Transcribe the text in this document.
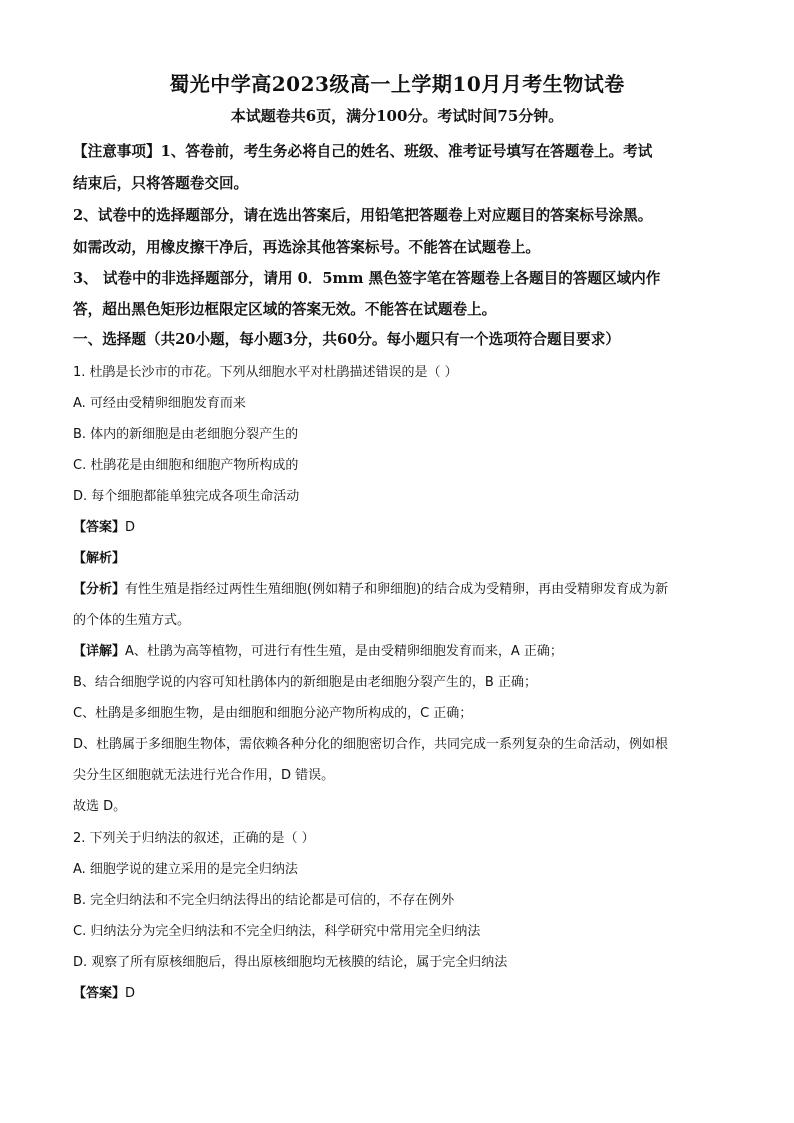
蜀光中学高2023级高一上学期10月月考生物试卷
本试题卷共6页，满分100分。考试时间75分钟。
【注意事项】1、答卷前，考生务必将自己的姓名、班级、准考证号填写在答题卷上。考试
结束后，只将答题卷交回。
2、试卷中的选择题部分，请在选出答案后，用铅笔把答题卷上对应题目的答案标号涂黑。
如需改动，用橡皮擦干净后，再选涂其他答案标号。不能答在试题卷上。
3、 试卷中的非选择题部分，请用 0．5mm 黑色签字笔在答题卷上各题目的答题区域内作
答，超出黑色矩形边框限定区域的答案无效。不能答在试题卷上。
一、选择题（共20小题，每小题3分，共60分。每小题只有一个选项符合题目要求）
1. 杜鹃是长沙市的市花。下列从细胞水平对杜鹃描述错误的是（ ）
A. 可经由受精卵细胞发育而来
B. 体内的新细胞是由老细胞分裂产生的
C. 杜鹃花是由细胞和细胞产物所构成的
D. 每个细胞都能单独完成各项生命活动
【答案】D
【解析】
【分析】有性生殖是指经过两性生殖细胞(例如精子和卵细胞)的结合成为受精卵，再由受精卵发育成为新
的个体的生殖方式。
【详解】A、杜鹃为高等植物，可进行有性生殖，是由受精卵细胞发育而来，A 正确；
B、结合细胞学说的内容可知杜鹃体内的新细胞是由老细胞分裂产生的，B 正确；
C、杜鹃是多细胞生物，是由细胞和细胞分泌产物所构成的，C 正确；
D、杜鹃属于多细胞生物体，需依赖各种分化的细胞密切合作，共同完成一系列复杂的生命活动，例如根
尖分生区细胞就无法进行光合作用，D 错误。
故选 D。
2. 下列关于归纳法的叙述，正确的是（ ）
A. 细胞学说的建立采用的是完全归纳法
B. 完全归纳法和不完全归纳法得出的结论都是可信的，不存在例外
C. 归纳法分为完全归纳法和不完全归纳法，科学研究中常用完全归纳法
D. 观察了所有原核细胞后，得出原核细胞均无核膜的结论，属于完全归纳法
【答案】D
